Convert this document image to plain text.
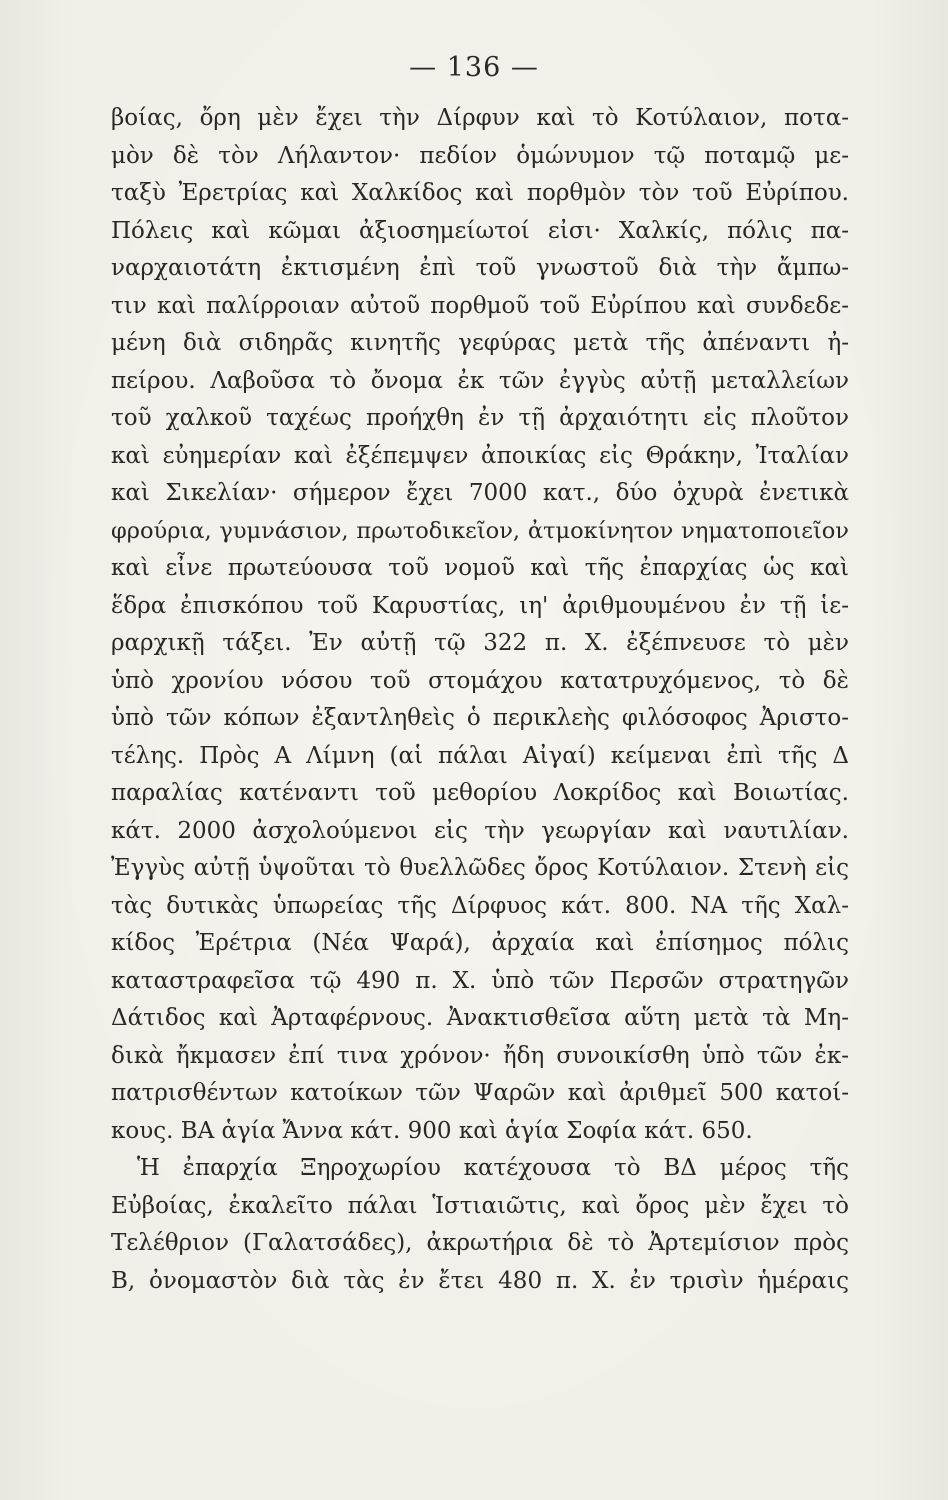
— 136 —
βοίας, ὄρη μὲν ἔχει τὴν Δίρφυν καὶ τὸ Κοτύλαιον, ποτα-
μὸν δὲ τὸν Λήλαντον· πεδίον ὁμώνυμον τῷ ποταμῷ με-
ταξὺ Ἐρετρίας καὶ Χαλκίδος καὶ πορθμὸν τὸν τοῦ Εὐρίπου.
Πόλεις καὶ κῶμαι ἀξιοσημείωτοί εἰσι· Χαλκίς, πόλις πα-
ναρχαιοτάτη ἐκτισμένη ἐπὶ τοῦ γνωστοῦ διὰ τὴν ἄμπω-
τιν καὶ παλίρροιαν αὐτοῦ πορθμοῦ τοῦ Εὐρίπου καὶ συνδεδε-
μένη διὰ σιδηρᾶς κινητῆς γεφύρας μετὰ τῆς ἀπέναντι ἠ-
πείρου. Λαβοῦσα τὸ ὄνομα ἐκ τῶν ἐγγὺς αὐτῇ μεταλλείων
τοῦ χαλκοῦ ταχέως προήχθη ἐν τῇ ἀρχαιότητι εἰς πλοῦτον
καὶ εὐημερίαν καὶ ἐξέπεμψεν ἀποικίας εἰς Θράκην, Ἰταλίαν
καὶ Σικελίαν· σήμερον ἔχει 7000 κατ., δύο ὀχυρὰ ἐνετικὰ
φρούρια, γυμνάσιον, πρωτοδικεῖον, ἀτμοκίνητον νηματοποιεῖον
καὶ εἶνε πρωτεύουσα τοῦ νομοῦ καὶ τῆς ἐπαρχίας ὡς καὶ
ἕδρα ἐπισκόπου τοῦ Καρυστίας, ιη' ἀριθμουμένου ἐν τῇ ἱε-
ραρχικῇ τάξει. Ἐν αὐτῇ τῷ 322 π. Χ. ἐξέπνευσε τὸ μὲν
ὑπὸ χρονίου νόσου τοῦ στομάχου κατατρυχόμενος, τὸ δὲ
ὑπὸ τῶν κόπων ἐξαντληθεὶς ὁ περικλεὴς φιλόσοφος Ἀριστο-
τέλης. Πρὸς Α Λίμνη (αἱ πάλαι Αἰγαί) κείμεναι ἐπὶ τῆς Δ
παραλίας κατέναντι τοῦ μεθορίου Λοκρίδος καὶ Βοιωτίας.
κάτ. 2000 ἀσχολούμενοι εἰς τὴν γεωργίαν καὶ ναυτιλίαν.
Ἐγγὺς αὐτῇ ὑψοῦται τὸ θυελλῶδες ὄρος Κοτύλαιον. Στενὴ εἰς
τὰς δυτικὰς ὑπωρείας τῆς Δίρφυος κάτ. 800. ΝΑ τῆς Χαλ-
κίδος Ἐρέτρια (Νέα Ψαρά), ἀρχαία καὶ ἐπίσημος πόλις
καταστραφεῖσα τῷ 490 π. Χ. ὑπὸ τῶν Περσῶν στρατηγῶν
Δάτιδος καὶ Ἀρταφέρνους. Ἀνακτισθεῖσα αὕτη μετὰ τὰ Μη-
δικὰ ἤκμασεν ἐπί τινα χρόνον· ἤδη συνοικίσθη ὑπὸ τῶν ἐκ-
πατρισθέντων κατοίκων τῶν Ψαρῶν καὶ ἀριθμεῖ 500 κατοί-
κους. ΒΑ ἁγία Ἄννα κάτ. 900 καὶ ἁγία Σοφία κάτ. 650.
Ἡ ἐπαρχία Ξηροχωρίου κατέχουσα τὸ ΒΔ μέρος τῆς
Εὐβοίας, ἐκαλεῖτο πάλαι Ἱστιαιῶτις, καὶ ὄρος μὲν ἔχει τὸ
Τελέθριον (Γαλατσάδες), ἀκρωτήρια δὲ τὸ Ἀρτεμίσιον πρὸς
Β, ὀνομαστὸν διὰ τὰς ἐν ἔτει 480 π. Χ. ἐν τρισὶν ἡμέραις
